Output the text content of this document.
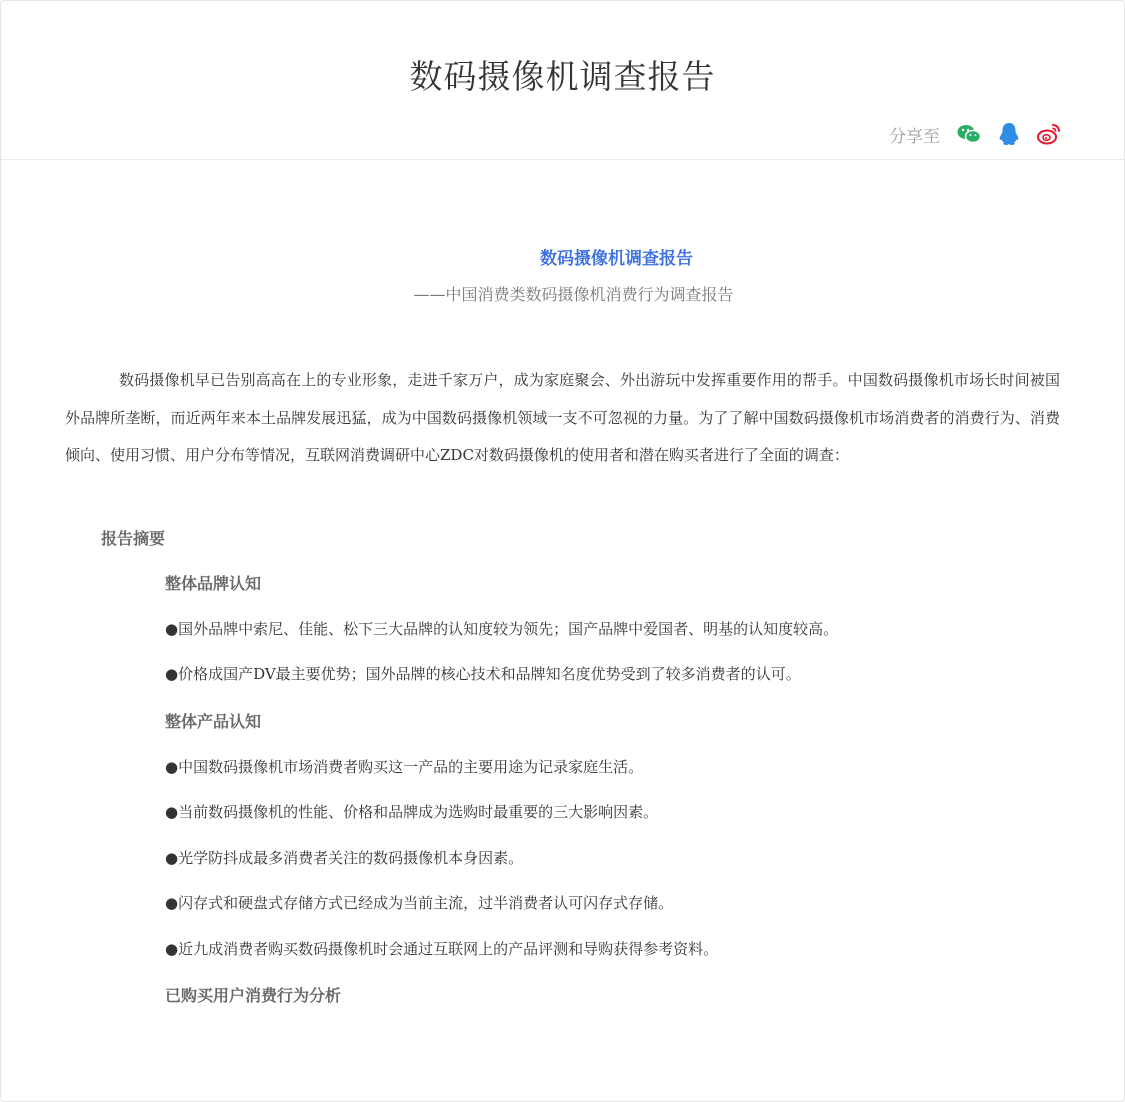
数码摄像机调查报告
分享至
数码摄像机调查报告
——中国消费类数码摄像机消费行为调查报告

数码摄像机早已告别高高在上的专业形象，走进千家万户，成为家庭聚会、外出游玩中发挥重要作用的帮手。中国数码摄像机市场长时间被国外品牌所垄断，而近两年来本土品牌发展迅猛，成为中国数码摄像机领域一支不可忽视的力量。为了了解中国数码摄像机市场消费者的消费行为、消费倾向、使用习惯、用户分布等情况，互联网消费调研中心ZDC对数码摄像机的使用者和潜在购买者进行了全面的调查：

报告摘要
整体品牌认知
●国外品牌中索尼、佳能、松下三大品牌的认知度较为领先；国产品牌中爱国者、明基的认知度较高。
●价格成国产DV最主要优势；国外品牌的核心技术和品牌知名度优势受到了较多消费者的认可。
整体产品认知
●中国数码摄像机市场消费者购买这一产品的主要用途为记录家庭生活。
●当前数码摄像机的性能、价格和品牌成为选购时最重要的三大影响因素。
●光学防抖成最多消费者关注的数码摄像机本身因素。
●闪存式和硬盘式存储方式已经成为当前主流，过半消费者认可闪存式存储。
●近九成消费者购买数码摄像机时会通过互联网上的产品评测和导购获得参考资料。
已购买用户消费行为分析
